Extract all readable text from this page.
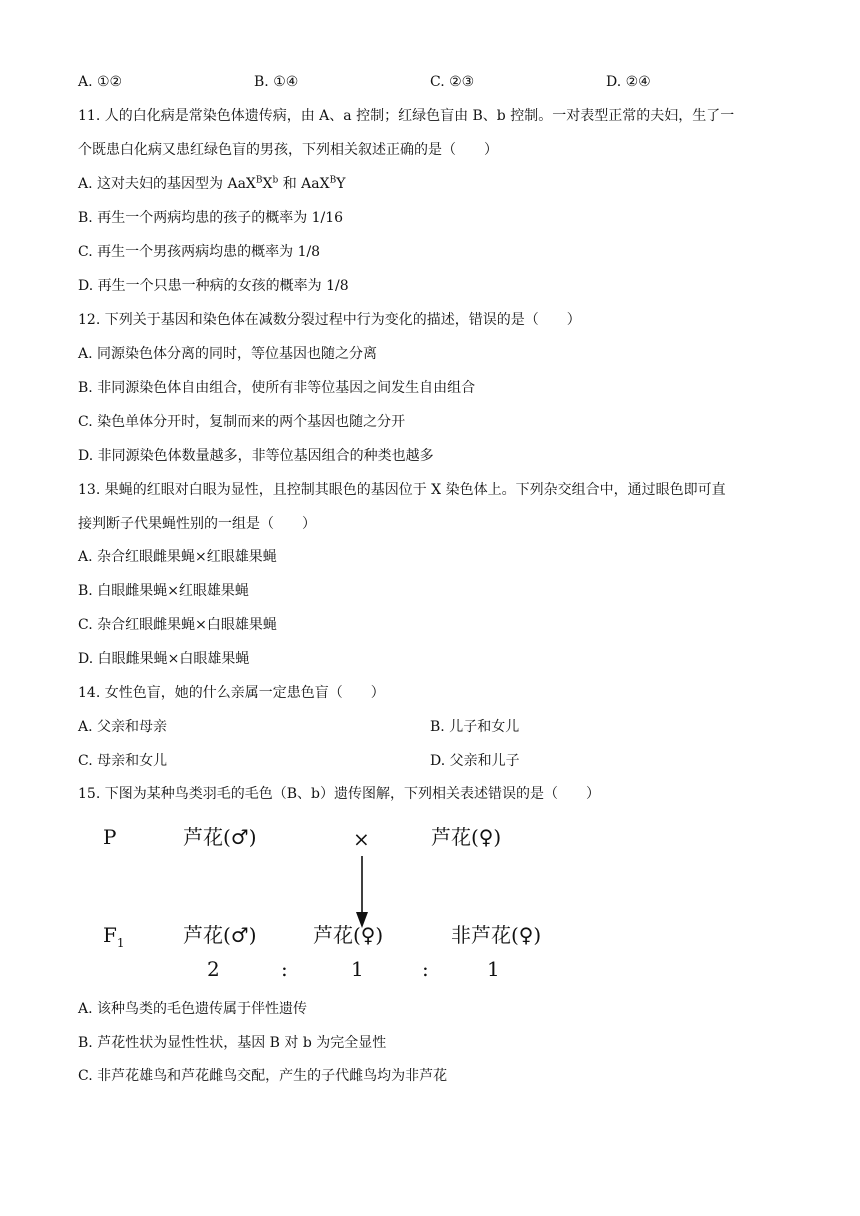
A. ①②	B. ①④	C. ②③	D. ②④
11. 人的白化病是常染色体遗传病，由 A、a 控制；红绿色盲由 B、b 控制。一对表型正常的夫妇，生了一
个既患白化病又患红绿色盲的男孩，下列相关叙述正确的是（　　）
A. 这对夫妇的基因型为 $AaX^BX^b$ 和 AaX$^B$Y
B. 再生一个两病均患的孩子的概率为 1/16
C. 再生一个男孩两病均患的概率为 1/8
D. 再生一个只患一种病的女孩的概率为 1/8
12. 下列关于基因和染色体在减数分裂过程中行为变化的描述，错误的是（　　）
A. 同源染色体分离的同时，等位基因也随之分离
B. 非同源染色体自由组合，使所有非等位基因之间发生自由组合
C. 染色单体分开时，复制而来的两个基因也随之分开
D. 非同源染色体数量越多，非等位基因组合的种类也越多
13. 果蝇的红眼对白眼为显性，且控制其眼色的基因位于 X 染色体上。下列杂交组合中，通过眼色即可直
接判断子代果蝇性别的一组是（　　）
A. 杂合红眼雌果蝇×红眼雄果蝇
B. 白眼雌果蝇×红眼雄果蝇
C. 杂合红眼雌果蝇×白眼雄果蝇
D. 白眼雌果蝇×白眼雄果蝇
14. 女性色盲，她的什么亲属一定患色盲（　　）
A. 父亲和母亲	B. 儿子和女儿
C. 母亲和女儿	D. 父亲和儿子
15. 下图为某种鸟类羽毛的毛色（B、b）遗传图解，下列相关表述错误的是（　　）
P	芦花(♂)	×	芦花(♀)
$F_1$	芦花(♂)	芦花(♀)	非芦花(♀)
2	:	1	:	1
A. 该种鸟类的毛色遗传属于伴性遗传
B. 芦花性状为显性性状，基因 B 对 b 为完全显性
C. 非芦花雄鸟和芦花雌鸟交配，产生的子代雌鸟均为非芦花
